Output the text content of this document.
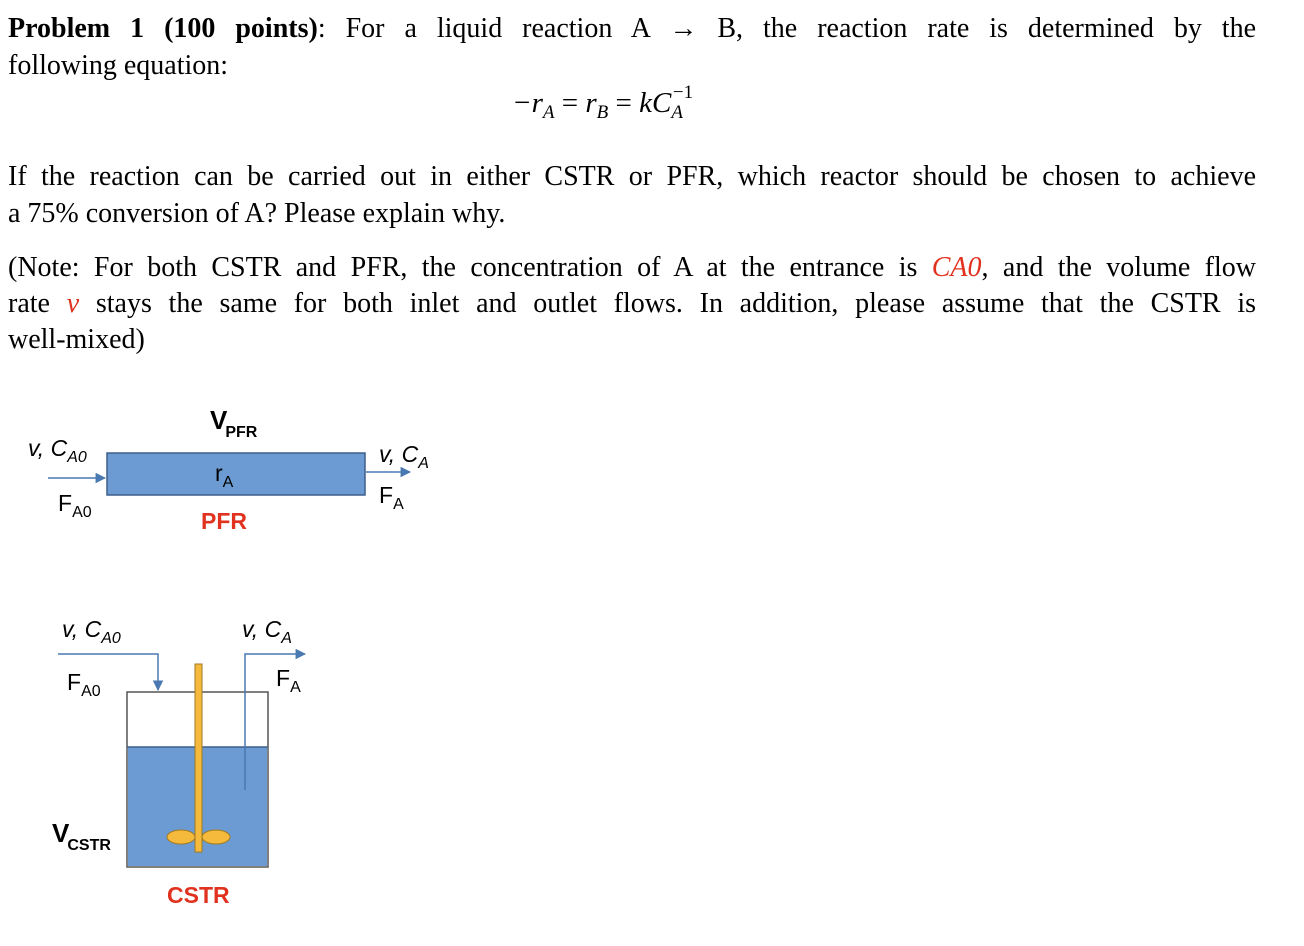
Problem 1 (100 points): For a liquid reaction A → B, the reaction rate is determined by the

following equation:

$-r_A = r_B = kC_A^{-1}$

If the reaction can be carried out in either CSTR or PFR, which reactor should be chosen to achieve

a 75% conversion of A? Please explain why.

(Note: For both CSTR and PFR, the concentration of A at the entrance is CA0, and the volume flow

rate v stays the same for both inlet and outlet flows. In addition, please assume that the CSTR is

well-mixed)

$V_{PFR}$
v, $C_{A0}$
$F_{A0}$
$r_A$
PFR
v, $C_A$
$F_A$
v, $C_{A0}$
$F_{A0}$
v, $C_A$
$F_A$
$V_{CSTR}$
CSTR
